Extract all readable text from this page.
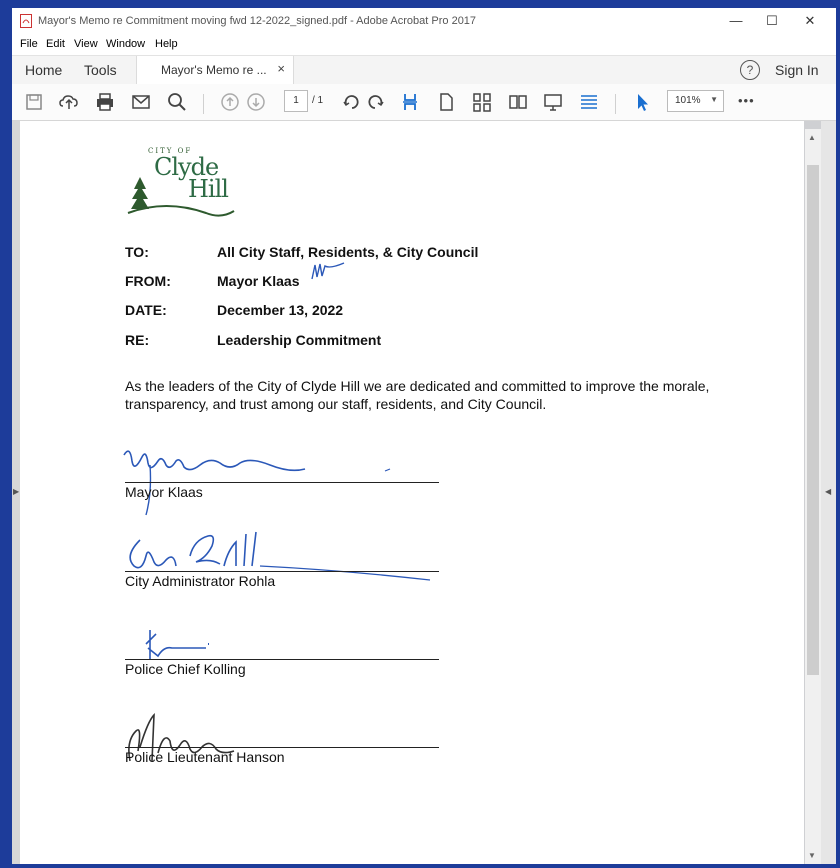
Mayor's Memo re Commitment moving fwd 12-2022_signed.pdf - Adobe Acrobat Pro 2017	—	☐	✕
File Edit View Window Help
Home Tools	Mayor's Memo re ... ×	?	Sign In
1	/ 1	101% ▼ •••
▶
CITY OF
Clyde
Hill
TO:	All City Staff, Residents, & City Council
FROM:	Mayor Klaas
DATE:	December 13, 2022
RE:	Leadership Commitment
As the leaders of the City of Clyde Hill we are dedicated and committed to improve the morale, transparency, and trust among our staff, residents, and City Council.
Mayor Klaas
City Administrator Rohla
Police Chief Kolling
Police Lieutenant Hanson
▲
▼
◀
